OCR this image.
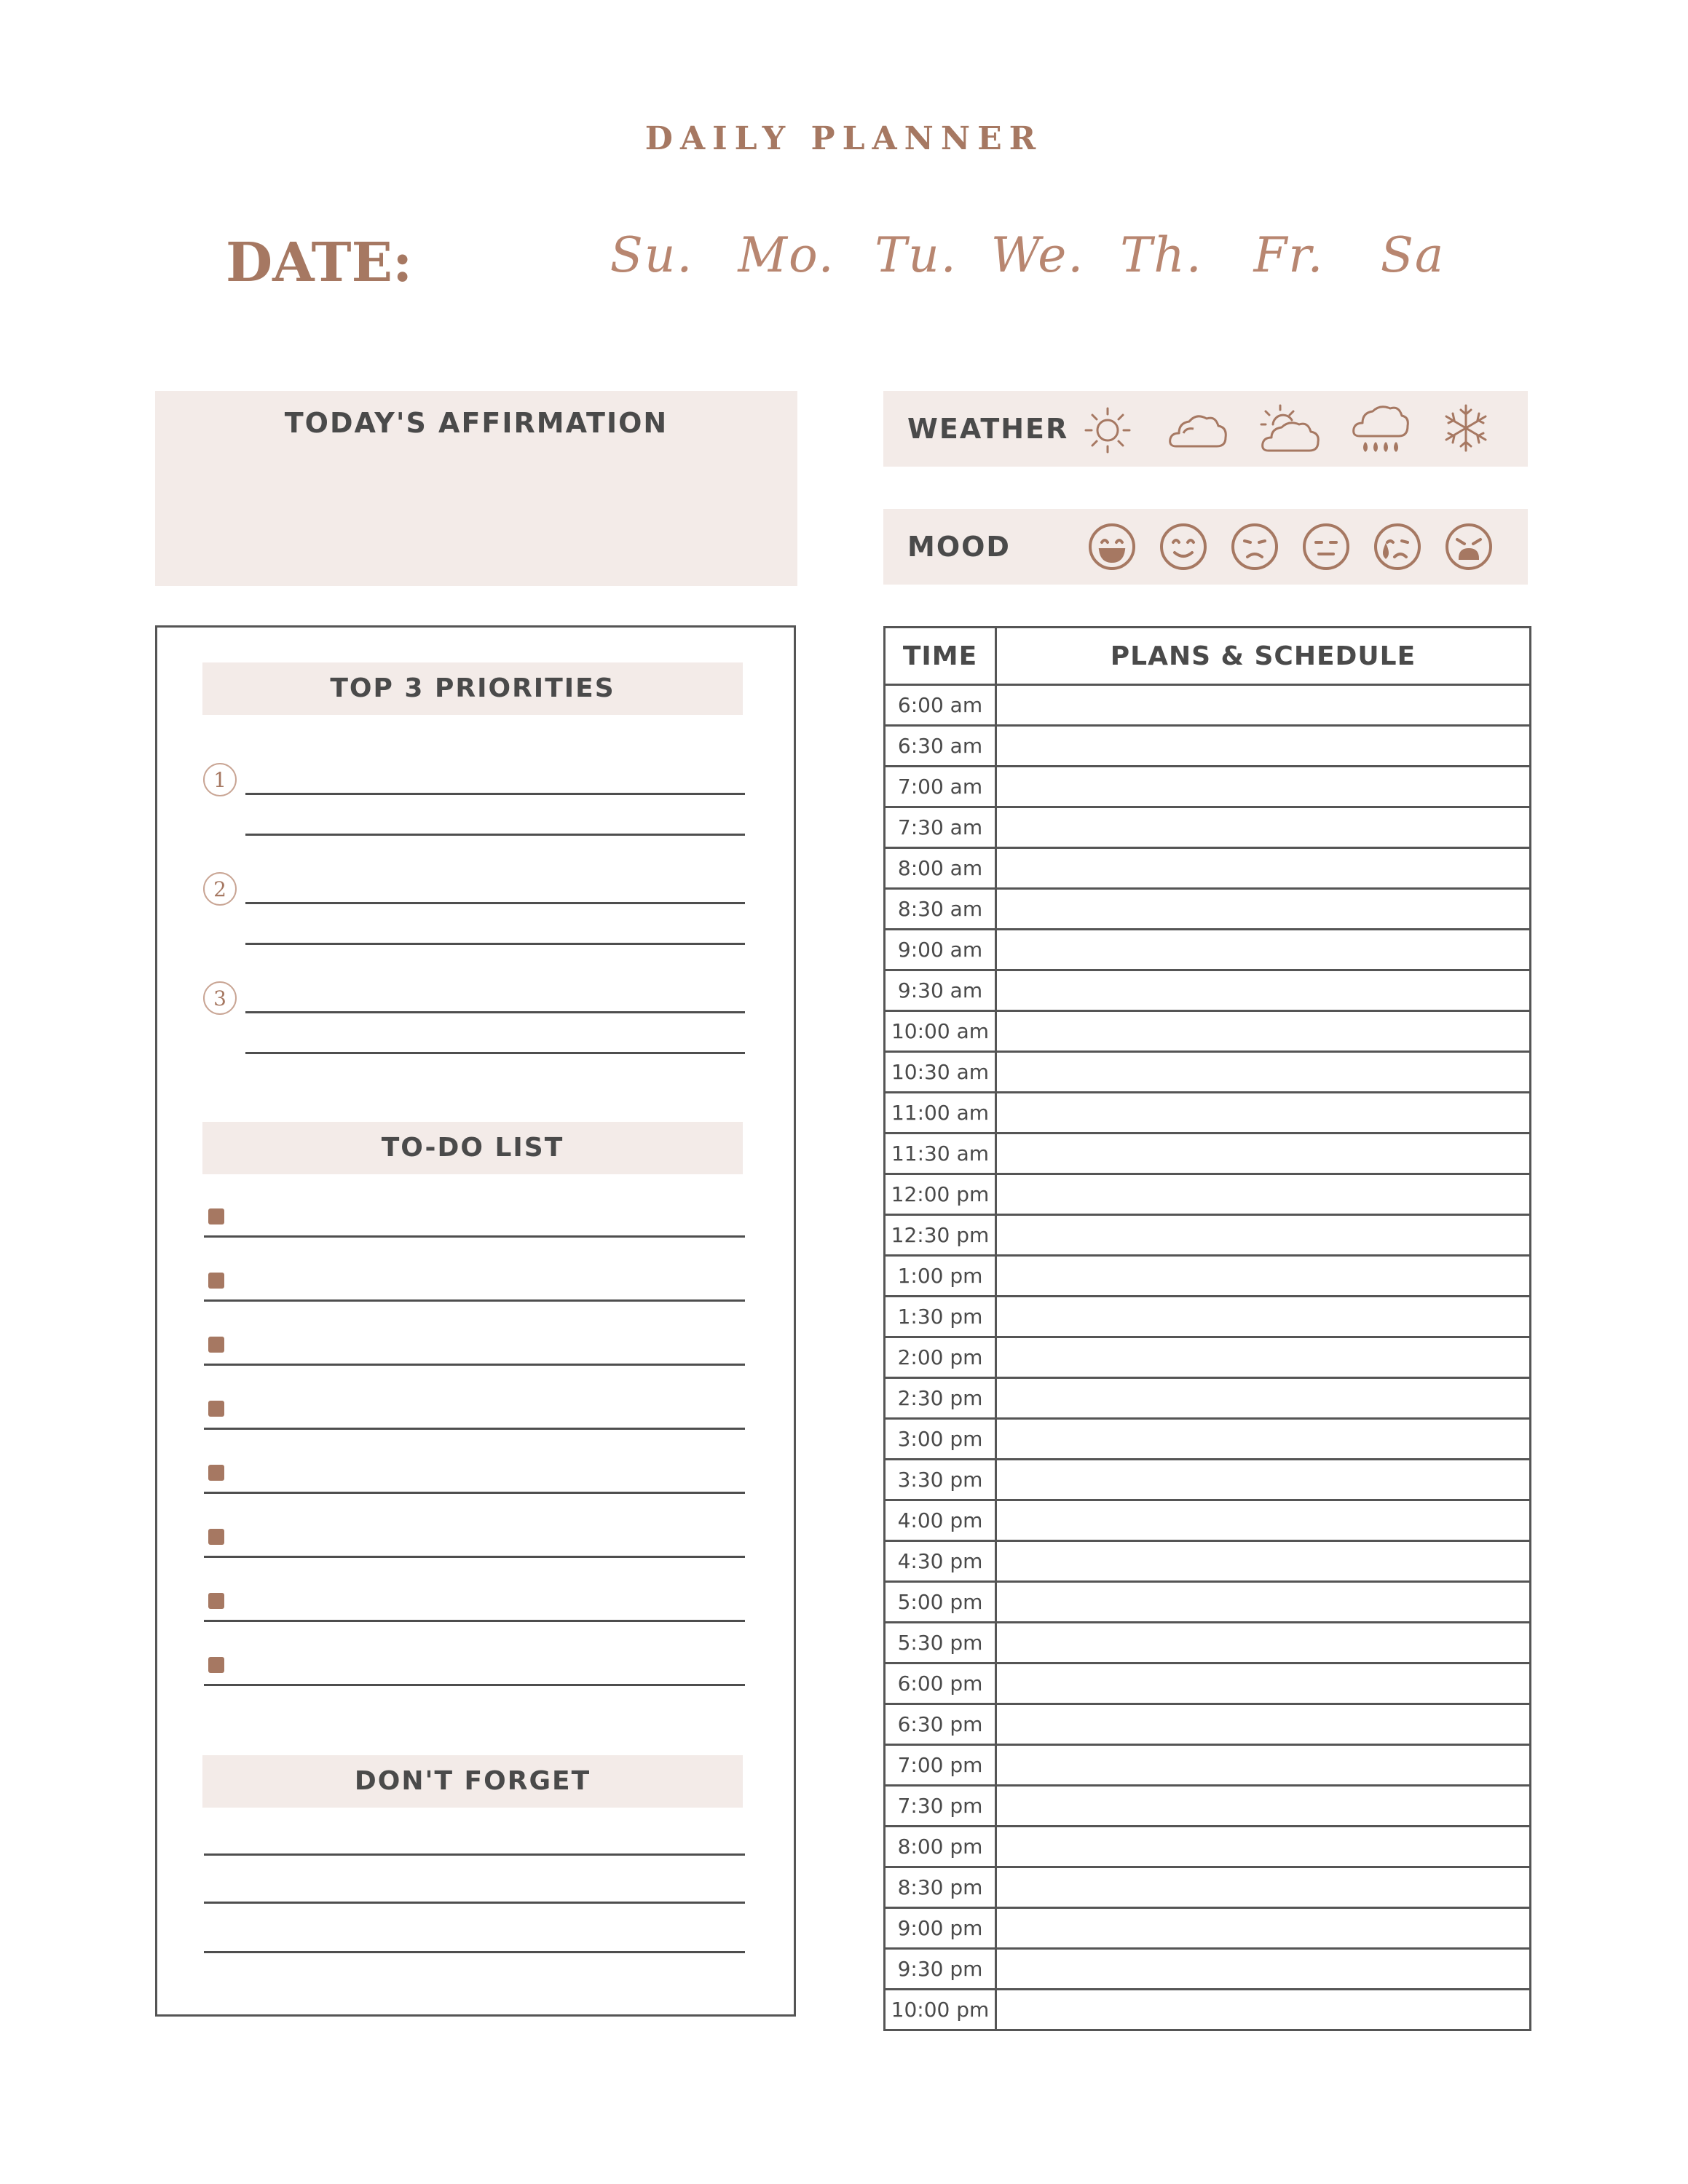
DAILY PLANNER
DATE:	Su. Mo. Tu. We. Th.	Fr.	Sa
TODAY'S AFFIRMATION	WEATHER
MOOD
TOP 3 PRIORITIES
1
2
3
TO-DO LIST
DON'T FORGET
TIME	PLANS & SCHEDULE
6:00 am	
6:30 am	
7:00 am	
7:30 am	
8:00 am	
8:30 am	
9:00 am	
9:30 am	
10:00 am	
10:30 am	
11:00 am	
11:30 am	
12:00 pm	
12:30 pm	
1:00 pm	
1:30 pm	
2:00 pm	
2:30 pm	
3:00 pm	
3:30 pm	
4:00 pm	
4:30 pm	
5:00 pm	
5:30 pm	
6:00 pm	
6:30 pm	
7:00 pm	
7:30 pm	
8:00 pm	
8:30 pm	
9:00 pm	
9:30 pm	
10:00 pm	
